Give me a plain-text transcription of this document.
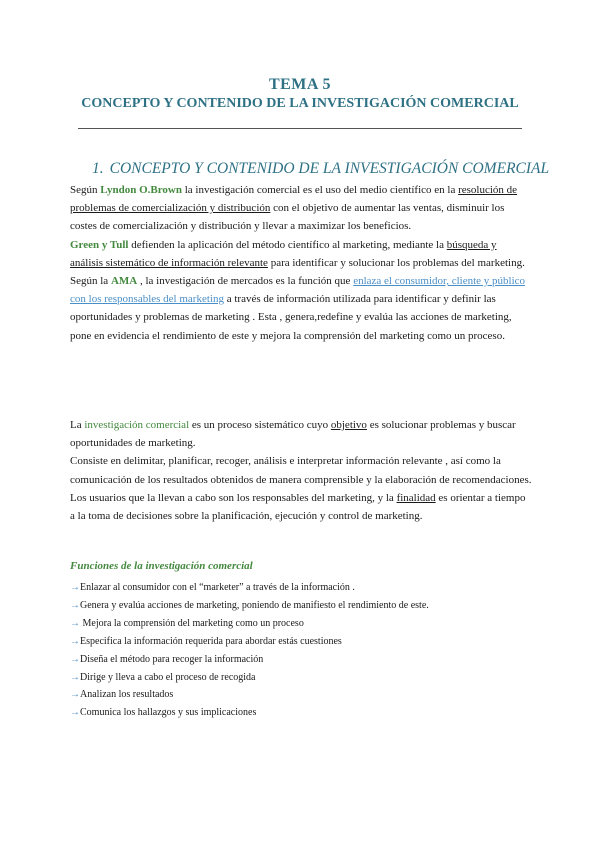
TEMA 5
CONCEPTO Y CONTENIDO DE LA INVESTIGACIÓN COMERCIAL
1. CONCEPTO Y CONTENIDO DE LA INVESTIGACIÓN COMERCIAL

Según Lyndon O.Brown la investigación comercial es el uso del medio científico en la resolución de problemas de comercialización y distribución con el objetivo de aumentar las ventas, disminuir los costes de comercialización y distribución y llevar a maximizar los beneficios.

Green y Tull defienden la aplicación del método científico al marketing, mediante la búsqueda y análisis sistemático de información relevante para identificar y solucionar los problemas del marketing.

Según la AMA , la investigación de mercados es la función que enlaza el consumidor, cliente y público con los responsables del marketing a través de información utilizada para identificar y definir las oportunidades y problemas de marketing . Esta , genera,redefine y evalúa las acciones de marketing, pone en evidencia el rendimiento de este y mejora la comprensión del marketing como un proceso.

La investigación comercial es un proceso sistemático cuyo objetivo es solucionar problemas y buscar oportunidades de marketing.

Consiste en delimitar, planificar, recoger, análisis e interpretar información relevante , así como la comunicación de los resultados obtenidos de manera comprensible y la elaboración de recomendaciones.

Los usuarios que la llevan a cabo son los responsables del marketing, y la finalidad es orientar a tiempo a la toma de decisiones sobre la planificación, ejecución y control de marketing.

Funciones de la investigación comercial
→Enlazar al consumidor con el “marketer” a través de la información .
→Genera y evalúa acciones de marketing, poniendo de manifiesto el rendimiento de este.
→ Mejora la comprensión del marketing como un proceso
→Especifica la información requerida para abordar estás cuestiones
→Diseña el método para recoger la información
→Dirige y lleva a cabo el proceso de recogida
→Analizan los resultados
→Comunica los hallazgos y sus implicaciones
